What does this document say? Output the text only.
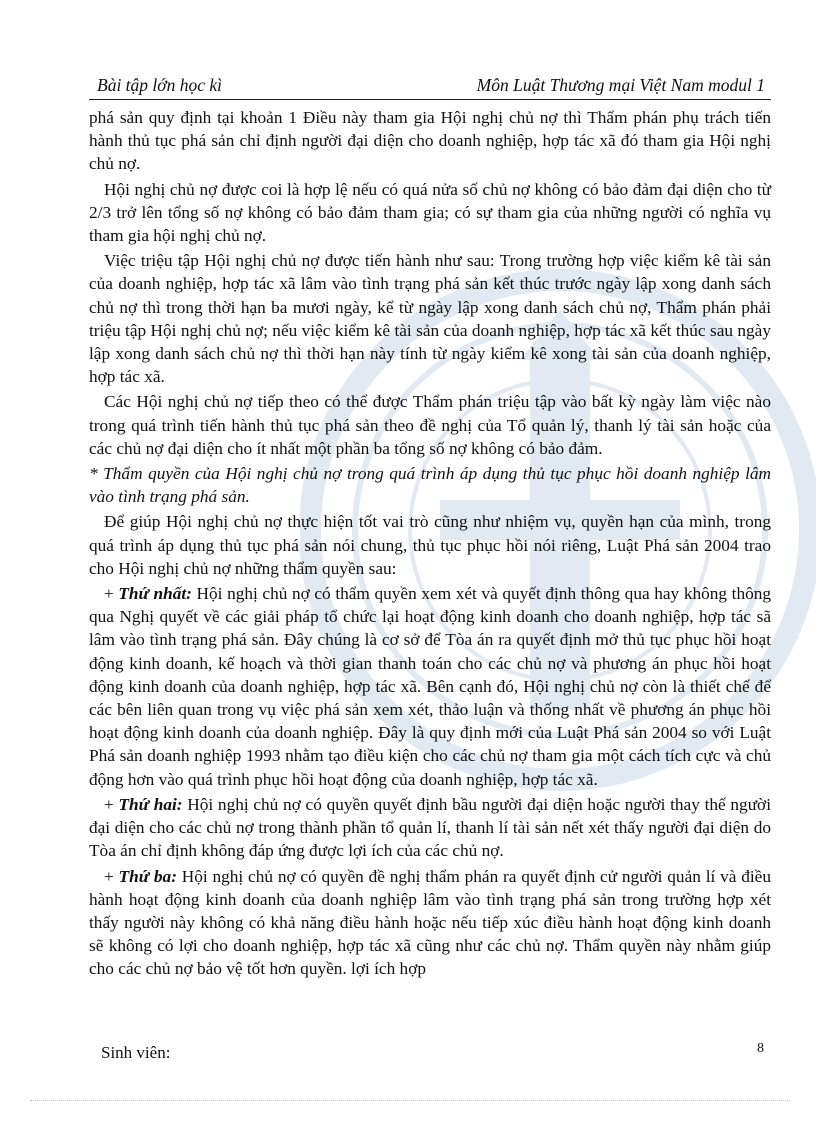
Bài tập lớn học kì	Môn Luật Thương mại Việt Nam modul 1

phá sản quy định tại khoản 1 Điều này tham gia Hội nghị chủ nợ thì Thẩm phán phụ trách tiến hành thủ tục phá sản chỉ định người đại diện cho doanh nghiệp, hợp tác xã đó tham gia Hội nghị chủ nợ.

Hội nghị chủ nợ được coi là hợp lệ nếu có quá nửa số chủ nợ không có bảo đảm đại diện cho từ 2/3 trở lên tổng số nợ không có bảo đảm tham gia; có sự tham gia của những người có nghĩa vụ tham gia hội nghị chủ nợ.

Việc triệu tập Hội nghị chủ nợ được tiến hành như sau: Trong trường hợp việc kiểm kê tài sản của doanh nghiệp, hợp tác xã lâm vào tình trạng phá sản kết thúc trước ngày lập xong danh sách chủ nợ thì trong thời hạn ba mươi ngày, kể từ ngày lập xong danh sách chủ nợ, Thẩm phán phải triệu tập Hội nghị chủ nợ; nếu việc kiểm kê tài sản của doanh nghiệp, hợp tác xã kết thúc sau ngày lập xong danh sách chủ nợ thì thời hạn này tính từ ngày kiểm kê xong tài sản của doanh nghiệp, hợp tác xã.

Các Hội nghị chủ nợ tiếp theo có thể được Thẩm phán triệu tập vào bất kỳ ngày làm việc nào trong quá trình tiến hành thủ tục phá sản theo đề nghị của Tổ quản lý, thanh lý tài sản hoặc của các chủ nợ đại diện cho ít nhất một phần ba tổng số nợ không có bảo đảm.

* Thẩm quyền của Hội nghị chủ nợ trong quá trình áp dụng thủ tục phục hồi doanh nghiệp lâm vào tình trạng phá sản.

Để giúp Hội nghị chủ nợ thực hiện tốt vai trò cũng như nhiệm vụ, quyền hạn của mình, trong quá trình áp dụng thủ tục phá sản nói chung, thủ tục phục hồi nói riêng, Luật Phá sản 2004 trao cho Hội nghị chủ nợ những thẩm quyền sau:

+ Thứ nhất: Hội nghị chủ nợ có thẩm quyền xem xét và quyết định thông qua hay không thông qua Nghị quyết về các giải pháp tổ chức lại hoạt động kinh doanh cho doanh nghiệp, hợp tác sã lâm vào tình trạng phá sản. Đây chúng là cơ sở để Tòa án ra quyết định mở thủ tục phục hồi hoạt động kinh doanh, kế hoạch và thời gian thanh toán cho các chủ nợ và phương án phục hồi hoạt động kinh doanh của doanh nghiệp, hợp tác xã. Bên cạnh đó, Hội nghị chủ nợ còn là thiết chế để các bên liên quan trong vụ việc phá sản xem xét, thảo luận và thống nhất về phương án phục hồi hoạt động kinh doanh của doanh nghiệp. Đây là quy định mới của Luật Phá sản 2004 so với Luật Phá sản doanh nghiệp 1993 nhằm tạo điều kiện cho các chủ nợ tham gia một cách tích cực và chủ động hơn vào quá trình phục hồi hoạt động của doanh nghiệp, hợp tác xã.

+ Thứ hai: Hội nghị chủ nợ có quyền quyết định bầu người đại diện hoặc người thay thế người đại diện cho các chủ nợ trong thành phần tổ quản lí, thanh lí tài sản nết xét thấy người đại diện do Tòa án chỉ định không đáp ứng được lợi ích của các chủ nợ.

+ Thứ ba: Hội nghị chủ nợ có quyền đề nghị thẩm phán ra quyết định cử người quản lí và điều hành hoạt động kinh doanh của doanh nghiệp lâm vào tình trạng phá sản trong trường hợp xét thấy người này không có khả năng điều hành hoặc nếu tiếp xúc điều hành hoạt động kinh doanh sẽ không có lợi cho doanh nghiệp, hợp tác xã cũng như các chủ nợ. Thẩm quyền này nhằm giúp cho các chủ nợ bảo vệ tốt hơn quyền. lợi ích hợp

Sinh viên:	8
